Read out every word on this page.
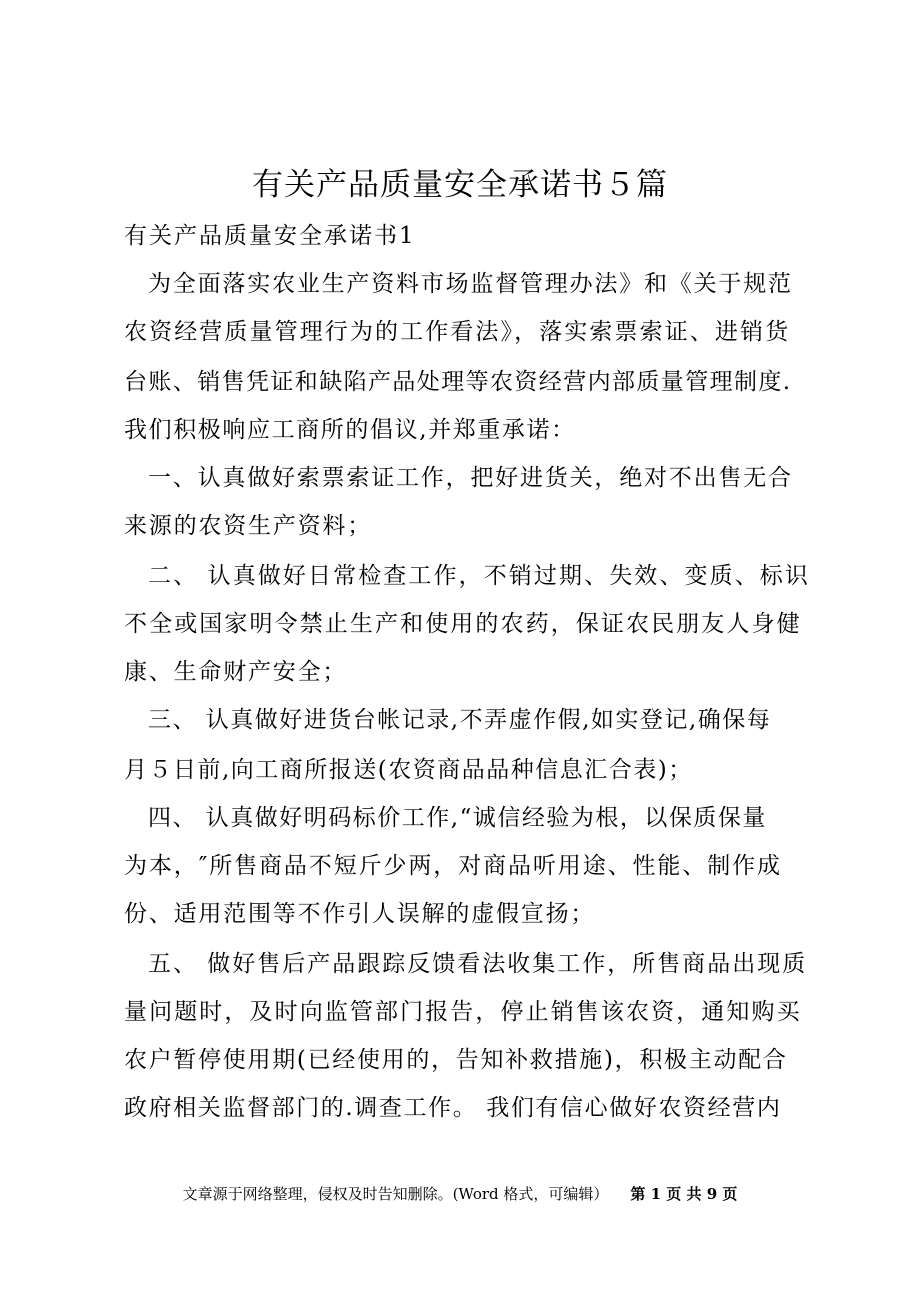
有关产品质量安全承诺书５篇
有关产品质量安全承诺书1
为全面落实农业生产资料市场监督管理办法》和《关于规范
农资经营质量管理行为的工作看法》，落实索票索证、进销货
台账、销售凭证和缺陷产品处理等农资经营内部质量管理制度.
我们积极响应工商所的倡议,并郑重承诺：
一、认真做好索票索证工作，把好进货关，绝对不出售无合
来源的农资生产资料；
二、 认真做好日常检查工作，不销过期、失效、变质、标识
不全或国家明令禁止生产和使用的农药，保证农民朋友人身健
康、生命财产安全；
三、 认真做好进货台帐记录,不弄虚作假,如实登记,确保每
月５日前,向工商所报送(农资商品品种信息汇合表)；
四、 认真做好明码标价工作,“诚信经验为根，以保质保量
为本，″所售商品不短斤少两，对商品听用途、性能、制作成
份、适用范围等不作引人误解的虚假宣扬；
五、 做好售后产品跟踪反馈看法收集工作，所售商品出现质
量问题时，及时向监管部门报告，停止销售该农资，通知购买
农户暂停使用期(已经使用的，告知补救措施)，积极主动配合
政府相关监督部门的.调查工作。 我们有信心做好农资经营内
文章源于网络整理，侵权及时告知删除。(Word 格式，可编辑） 第 1 页 共 9 页
